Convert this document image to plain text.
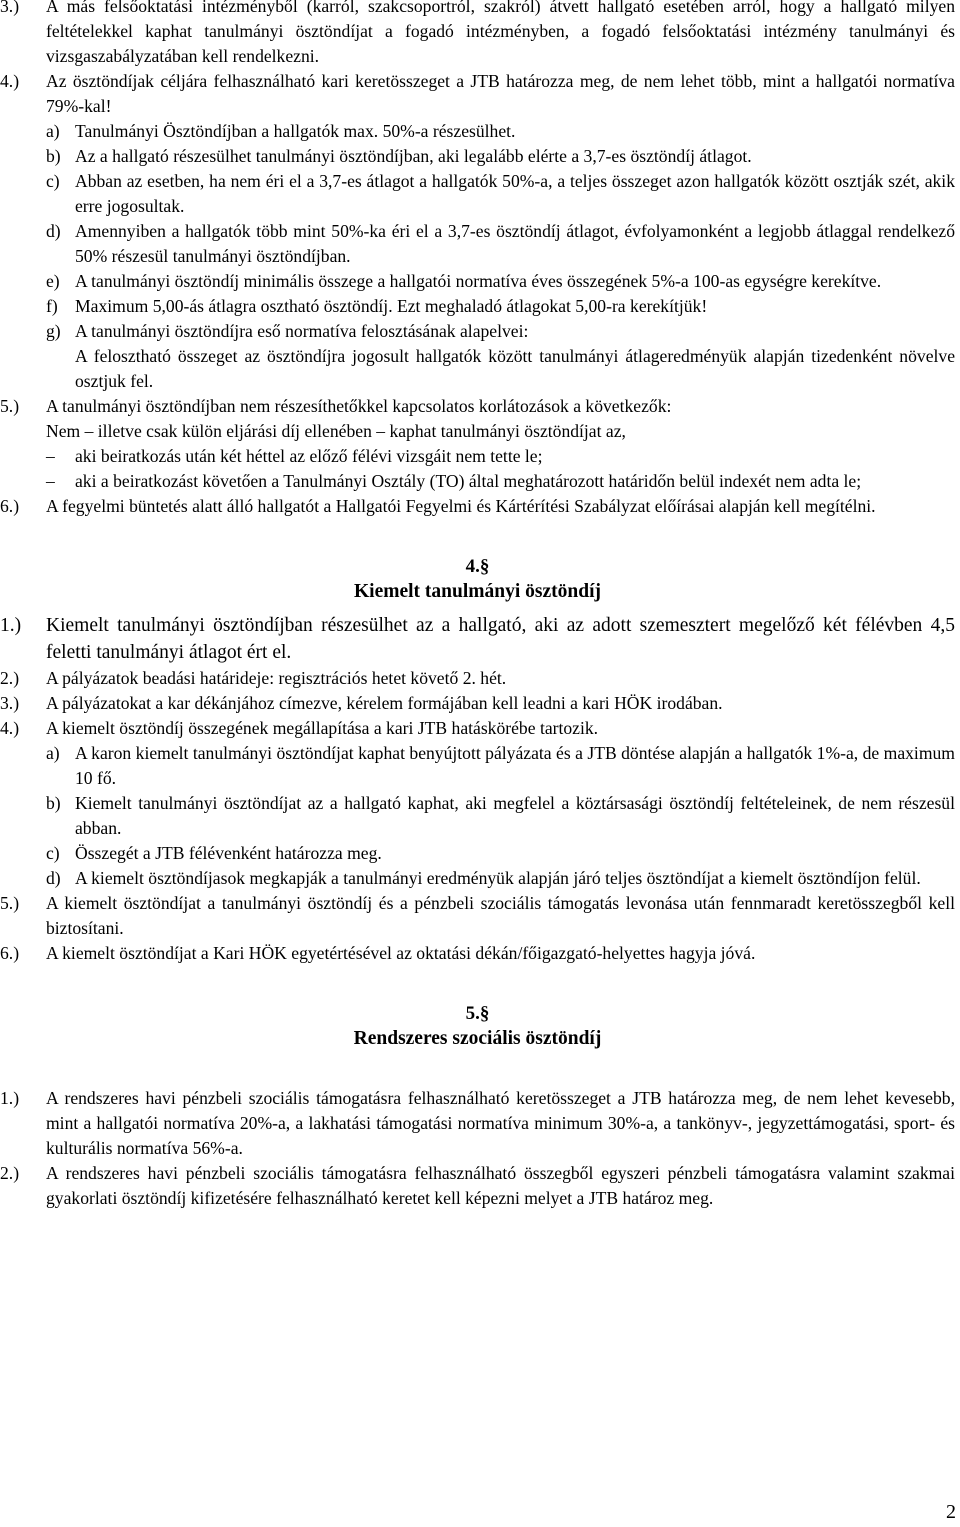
3.) A más felsőoktatási intézményből (karról, szakcsoportról, szakról) átvett hallgató esetében arról, hogy a hallgató milyen feltételekkel kaphat tanulmányi ösztöndíjat a fogadó intézményben, a fogadó felsőoktatási intézmény tanulmányi és vizsgaszabályzatában kell rendelkezni.

4.) Az ösztöndíjak céljára felhasználható kari keretösszeget a JTB határozza meg, de nem lehet több, mint a hallgatói normatíva 79%-kal!

a) Tanulmányi Ösztöndíjban a hallgatók max. 50%-a részesülhet.

b) Az a hallgató részesülhet tanulmányi ösztöndíjban, aki legalább elérte a 3,7-es ösztöndíj átlagot.

c) Abban az esetben, ha nem éri el a 3,7-es átlagot a hallgatók 50%-a, a teljes összeget azon hallgatók között osztják szét, akik erre jogosultak.

d) Amennyiben a hallgatók több mint 50%-ka éri el a 3,7-es ösztöndíj átlagot, évfolyamonként a legjobb átlaggal rendelkező 50% részesül tanulmányi ösztöndíjban.

e) A tanulmányi ösztöndíj minimális összege a hallgatói normatíva éves összegének 5%-a 100-as egységre kerekítve.

f) Maximum 5,00-ás átlagra osztható ösztöndíj. Ezt meghaladó átlagokat 5,00-ra kerekítjük!

g) A tanulmányi ösztöndíjra eső normatíva felosztásának alapelvei:

A felosztható összeget az ösztöndíjra jogosult hallgatók között tanulmányi átlageredményük alapján tizedenként növelve osztjuk fel.

5.) A tanulmányi ösztöndíjban nem részesíthetőkkel kapcsolatos korlátozások a következők:

Nem – illetve csak külön eljárási díj ellenében – kaphat tanulmányi ösztöndíjat az,

– aki beiratkozás után két héttel az előző félévi vizsgáit nem tette le;

– aki a beiratkozást követően a Tanulmányi Osztály (TO) által meghatározott határidőn belül indexét nem adta le;

6.) A fegyelmi büntetés alatt álló hallgatót a Hallgatói Fegyelmi és Kártérítési Szabályzat előírásai alapján kell megítélni.

4.§

Kiemelt tanulmányi ösztöndíj

1.) Kiemelt tanulmányi ösztöndíjban részesülhet az a hallgató, aki az adott szemesztert megelőző két félévben 4,5 feletti tanulmányi átlagot ért el.

2.) A pályázatok beadási határideje: regisztrációs hetet követő 2. hét.

3.) A pályázatokat a kar dékánjához címezve, kérelem formájában kell leadni a kari HÖK irodában.

4.) A kiemelt ösztöndíj összegének megállapítása a kari JTB hatáskörébe tartozik.

a) A karon kiemelt tanulmányi ösztöndíjat kaphat benyújtott pályázata és a JTB döntése alapján a hallgatók 1%-a, de maximum 10 fő.

b) Kiemelt tanulmányi ösztöndíjat az a hallgató kaphat, aki megfelel a köztársasági ösztöndíj feltételeinek, de nem részesül abban.

c) Összegét a JTB félévenként határozza meg.

d) A kiemelt ösztöndíjasok megkapják a tanulmányi eredményük alapján járó teljes ösztöndíjat a kiemelt ösztöndíjon felül.

5.) A kiemelt ösztöndíjat a tanulmányi ösztöndíj és a pénzbeli szociális támogatás levonása után fennmaradt keretösszegből kell biztosítani.

6.) A kiemelt ösztöndíjat a Kari HÖK egyetértésével az oktatási dékán/főigazgató-helyettes hagyja jóvá.

5.§

Rendszeres szociális ösztöndíj

1.) A rendszeres havi pénzbeli szociális támogatásra felhasználható keretösszeget a JTB határozza meg, de nem lehet kevesebb, mint a hallgatói normatíva 20%-a, a lakhatási támogatási normatíva minimum 30%-a, a tankönyv-, jegyzettámogatási, sport- és kulturális normatíva 56%-a.

2.) A rendszeres havi pénzbeli szociális támogatásra felhasználható összegből egyszeri pénzbeli támogatásra valamint szakmai gyakorlati ösztöndíj kifizetésére felhasználható keretet kell képezni melyet a JTB határoz meg.

2
